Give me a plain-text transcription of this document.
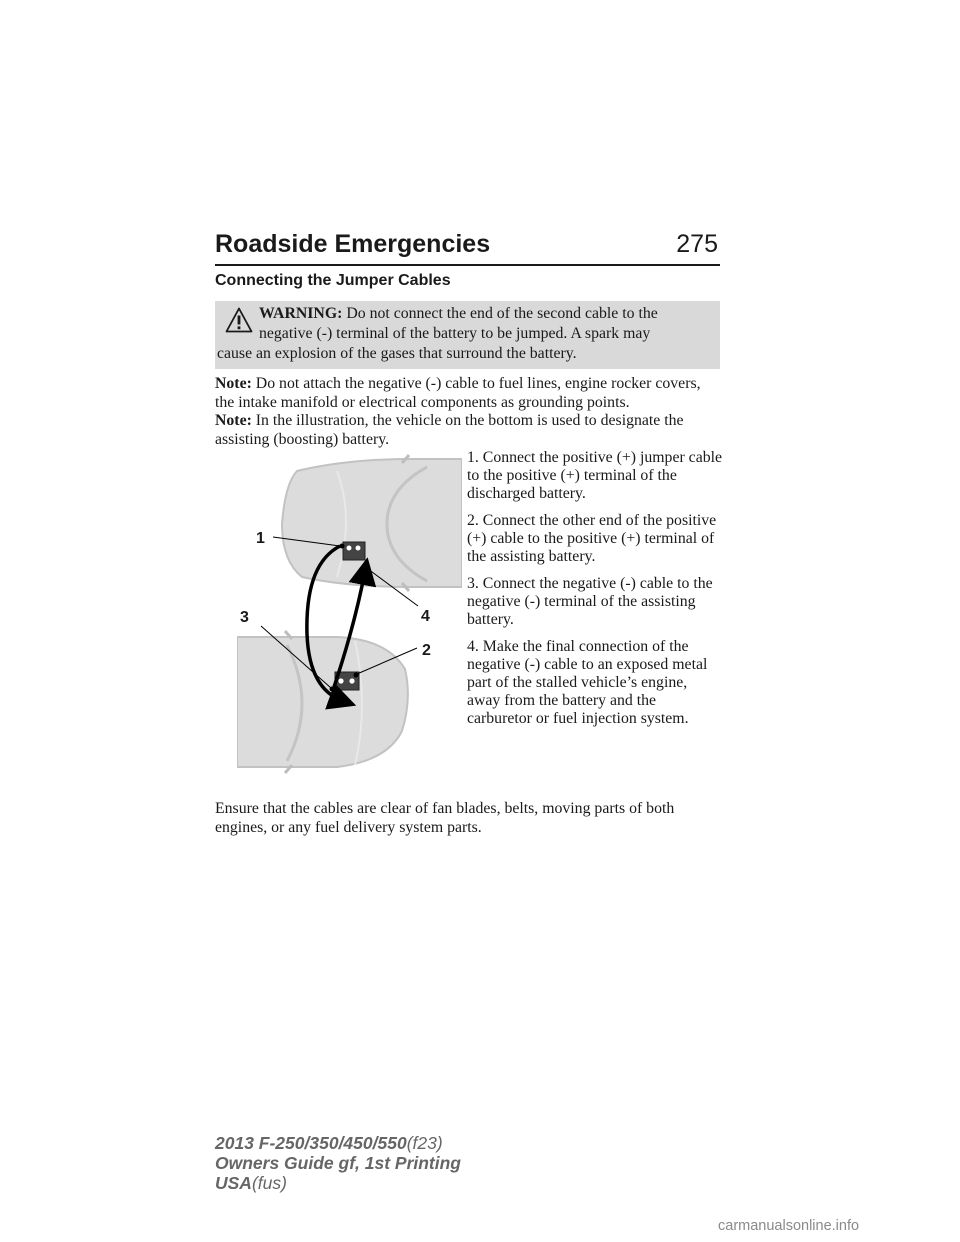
Roadside Emergencies	275
Connecting the Jumper Cables
WARNING: Do not connect the end of the second cable to the negative (-) terminal of the battery to be jumped. A spark may
cause an explosion of the gases that surround the battery.
Note: Do not attach the negative (-) cable to fuel lines, engine rocker covers, the intake manifold or electrical components as grounding points.
Note: In the illustration, the vehicle on the bottom is used to designate the assisting (boosting) battery.
1
2
3	4

1. Connect the positive (+) jumper cable to the positive (+) terminal of the discharged battery.

2. Connect the other end of the positive (+) cable to the positive (+) terminal of the assisting battery.

3. Connect the negative (-) cable to the negative (-) terminal of the assisting battery.

4. Make the final connection of the negative (-) cable to an exposed metal part of the stalled vehicle’s engine, away from the battery and the carburetor or fuel injection system.

Ensure that the cables are clear of fan blades, belts, moving parts of both engines, or any fuel delivery system parts.
2013 F-250/350/450/550(f23)
Owners Guide gf, 1st Printing
USA(fus)
carmanualsonline.info
